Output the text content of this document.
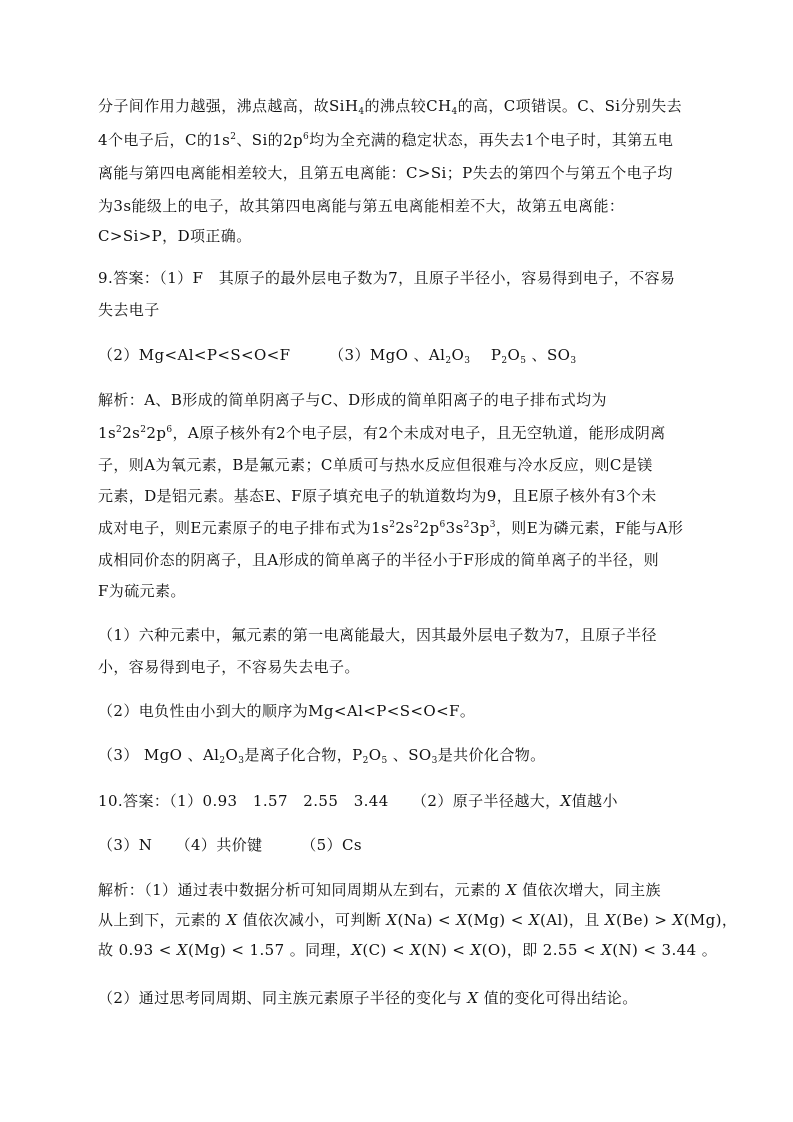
分子间作用力越强，沸点越高，故SiH$_4$的沸点较$CH_4$的高，C项错误。C、Si分别失去
4个电子后，C的$1s^2$、Si的$2p^6$均为全充满的稳定状态，再失去1个电子时，其第五电
离能与第四电离能相差较大，且第五电离能：C>Si；P失去的第四个与第五个电子均
为3s能级上的电子，故其第四电离能与第五电离能相差不大，故第五电离能：
C>Si>P，D项正确。
9.答案：（1）F　其原子的最外层电子数为7，且原子半径小，容易得到电子，不容易
失去电子
（2）Mg<Al<P<S<O<F　　　（3）MgO 、$Al_2O_3$　 $P_2O_5$ 、$SO_3$
解析：A、B形成的简单阴离子与C、D形成的简单阳离子的电子排布式均为
$1s^22s^22p^6$，A原子核外有2个电子层，有2个未成对电子，且无空轨道，能形成阴离
子，则A为氧元素，B是氟元素；C单质可与热水反应但很难与冷水反应，则C是镁
元素，D是铝元素。基态E、F原子填充电子的轨道数均为9，且E原子核外有3个未
成对电子，则E元素原子的电子排布式为$1s^22s^22p^63s^23p^3$，则E为磷元素，F能与A形
成相同价态的阴离子，且A形成的简单离子的半径小于F形成的简单离子的半径，则
F为硫元素。
（1）六种元素中，氟元素的第一电离能最大，因其最外层电子数为7，且原子半径
小，容易得到电子，不容易失去电子。
（2）电负性由小到大的顺序为Mg<Al<P<S<O<F。
（3） MgO 、$Al_2O_3$是离子化合物，$P_2O_5$ 、$SO_3$是共价化合物。
10.答案：（1）0.93　1.57　2.55　3.44　　（2）原子半径越大，X值越小
（3）N　　（4）共价键　　　（5）Cs
解析：（1）通过表中数据分析可知同周期从左到右，元素的 X 值依次增大，同主族
从上到下，元素的 X 值依次减小，可判断 X(Na) < X(Mg) < X(Al)，且 X(Be) > X(Mg)，
故 0.93 < X(Mg) < 1.57 。同理，X(C) < X(N) < X(O)，即 2.55 < X(N) < 3.44 。
（2）通过思考同周期、同主族元素原子半径的变化与 X 值的变化可得出结论。
